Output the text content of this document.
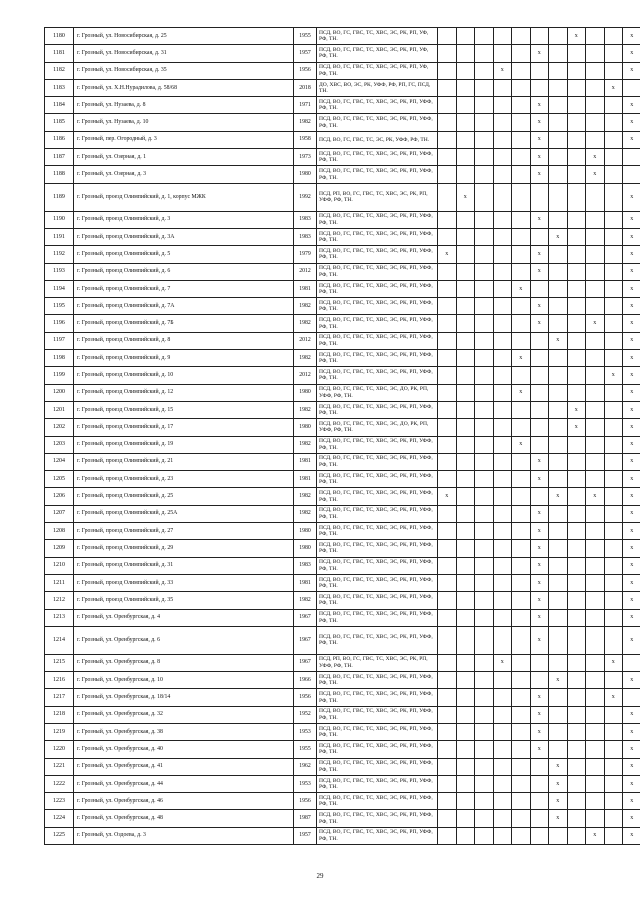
1180	г. Грозный, ул. Новосибирская, д. 25	1955	ПСД, ВО, ГС, ГВС, ТС, ХВС, ЭС, РК, РП, УФ, РФ, ТН.								x			x
1181	г. Грозный, ул. Новосибирская, д. 31	1957	ПСД, ВО, ГС, ГВС, ТС, ХВС, ЭС, РК, РП, УФ, РФ, ТН.						x					x
1182	г. Грозный, ул. Новосибирская, д. 35	1956	ПСД, ВО, ГС, ГВС, ТС, ХВС, ЭС, РК, РП, УФ, РФ, ТН.				x							x
1183	г. Грозный, ул. Х.Н.Нурадилова, д. 58/68	2018	ДО, ХВС, ВО, ЭС, РК, УФФ, РФ, РП, ГС, ПСД, ТН.										x	
1184	г. Грозный, ул. Нузаева, д. 8	1971	ПСД, ВО, ГС, ГВС, ТС, ХВС, ЭС, РК, РП, УФФ, РФ, ТН.						x					x
1185	г. Грозный, ул. Нузаева, д. 10	1982	ПСД, ВО, ГС, ГВС, ТС, ХВС, ЭС, РК, РП, УФФ, РФ, ТН.						x					x
1186	г. Грозный, пер. Огородный, д. 3	1958	ПСД, ВО, ГС, ГВС, ТС, ЭС, РК, УФФ, РФ, ТН.						x					x
1187	г. Грозный, ул. Озерная, д. 1	1973	ПСД, ВО, ГС, ГВС, ТС, ХВС, ЭС, РК, РП, УФФ, РФ, ТН.						x			x		
1188	г. Грозный, ул. Озерная, д. 3	1980	ПСД, ВО, ГС, ГВС, ТС, ХВС, ЭС, РК, РП, УФФ, РФ, ТН.						x			x		
1189	г. Грозный, проезд Олимпийский, д. 1, корпус МЖК	1992	ПСД, РП, ВО, ГС, ГВС, ТС, ХВС, ЭС, РК, РП, УФФ, РФ, ТН.		x									x
1190	г. Грозный, проезд Олимпийский, д. 3	1983	ПСД, ВО, ГС, ГВС, ТС, ХВС, ЭС, РК, РП, УФФ, РФ, ТН.						x					x
1191	г. Грозный, проезд Олимпийский, д. 3А	1983	ПСД, ВО, ГС, ГВС, ТС, ХВС, ЭС, РК, РП, УФФ, РФ, ТН.							x				x
1192	г. Грозный, проезд Олимпийский, д. 5	1979	ПСД, ВО, ГС, ГВС, ТС, ХВС, ЭС, РК, РП, УФФ, РФ, ТН.	x					x					x
1193	г. Грозный, проезд Олимпийский, д. 6	2012	ПСД, ВО, ГС, ГВС, ТС, ХВС, ЭС, РК, РП, УФФ, РФ, ТН.						x					x
1194	г. Грозный, проезд Олимпийский, д. 7	1981	ПСД, ВО, ГС, ГВС, ТС, ХВС, ЭС, РК, РП, УФФ, РФ, ТН.					x						x
1195	г. Грозный, проезд Олимпийский, д. 7А	1982	ПСД, ВО, ГС, ГВС, ТС, ХВС, ЭС, РК, РП, УФФ, РФ, ТН.						x					x
1196	г. Грозный, проезд Олимпийский, д. 7Б	1982	ПСД, ВО, ГС, ГВС, ТС, ХВС, ЭС, РК, РП, УФФ, РФ, ТН.						x			x		x
1197	г. Грозный, проезд Олимпийский, д. 8	2012	ПСД, ВО, ГС, ГВС, ТС, ХВС, ЭС, РК, РП, УФФ, РФ, ТН.							x				x
1198	г. Грозный, проезд Олимпийский, д. 9	1982	ПСД, ВО, ГС, ГВС, ТС, ХВС, ЭС, РК, РП, УФФ, РФ, ТН.					x						x
1199	г. Грозный, проезд Олимпийский, д. 10	2012	ПСД, ВО, ГС, ГВС, ТС, ХВС, ЭС, РК, РП, УФФ, РФ, ТН.										x	x
1200	г. Грозный, проезд Олимпийский, д. 12	1980	ПСД, ВО, ГС, ГВС, ТС, ХВС, ЭС, ДО, РК, РП, УФФ, РФ, ТН.					x						x
1201	г. Грозный, проезд Олимпийский, д. 15	1982	ПСД, ВО, ГС, ГВС, ТС, ХВС, ЭС, РК, РП, УФФ, РФ, ТН.								x			x
1202	г. Грозный, проезд Олимпийский, д. 17	1980	ПСД, ВО, ГС, ГВС, ТС, ХВС, ЭС, ДО, РК, РП, УФФ, РФ, ТН.								x			x
1203	г. Грозный, проезд Олимпийский, д. 19	1982	ПСД, ВО, ГС, ГВС, ТС, ХВС, ЭС, РК, РП, УФФ, РФ, ТН.					x						x
1204	г. Грозный, проезд Олимпийский, д. 21	1981	ПСД, ВО, ГС, ГВС, ТС, ХВС, ЭС, РК, РП, УФФ, РФ, ТН.						x					x
1205	г. Грозный, проезд Олимпийский, д. 23	1981	ПСД, ВО, ГС, ГВС, ТС, ХВС, ЭС, РК, РП, УФФ, РФ, ТН.						x					x
1206	г. Грозный, проезд Олимпийский, д. 25	1982	ПСД, ВО, ГС, ГВС, ТС, ХВС, ЭС, РК, РП, УФФ, РФ, ТН.	x						x		x		x
1207	г. Грозный, проезд Олимпийский, д. 25А	1982	ПСД, ВО, ГС, ГВС, ТС, ХВС, ЭС, РК, РП, УФФ, РФ, ТН.						x					x
1208	г. Грозный, проезд Олимпийский, д. 27	1980	ПСД, ВО, ГС, ГВС, ТС, ХВС, ЭС, РК, РП, УФФ, РФ, ТН.						x					x
1209	г. Грозный, проезд Олимпийский, д. 29	1980	ПСД, ВО, ГС, ГВС, ТС, ХВС, ЭС, РК, РП, УФФ, РФ, ТН.						x					x
1210	г. Грозный, проезд Олимпийский, д. 31	1983	ПСД, ВО, ГС, ГВС, ТС, ХВС, ЭС, РК, РП, УФФ, РФ, ТН.						x					x
1211	г. Грозный, проезд Олимпийский, д. 33	1981	ПСД, ВО, ГС, ГВС, ТС, ХВС, ЭС, РК, РП, УФФ, РФ, ТН.						x					x
1212	г. Грозный, проезд Олимпийский, д. 35	1982	ПСД, ВО, ГС, ГВС, ТС, ХВС, ЭС, РК, РП, УФФ, РФ, ТН.						x					x
1213	г. Грозный, ул. Оренбургская, д. 4	1967	ПСД, ВО, ГС, ГВС, ТС, ХВС, ЭС, РК, РП, УФФ, РФ, ТН.						x					x
1214	г. Грозный, ул. Оренбургская, д. 6	1967	ПСД, ВО, ГС, ГВС, ТС, ХВС, ЭС, РК, РП, УФФ, РФ, ТН.						x					x
1215	г. Грозный, ул. Оренбургская, д. 8	1967	ПСД, РП, ВО, ГС, ГВС, ТС, ХВС, ЭС, РК, РП, УФФ, РФ, ТН.				x						x	
1216	г. Грозный, ул. Оренбургская, д. 10	1966	ПСД, ВО, ГС, ГВС, ТС, ХВС, ЭС, РК, РП, УФФ, РФ, ТН.							x				x
1217	г. Грозный, ул. Оренбургская, д. 18/14	1956	ПСД, ВО, ГС, ГВС, ТС, ХВС, ЭС, РК, РП, УФФ, РФ, ТН.						x				x	
1218	г. Грозный, ул. Оренбургская, д. 32	1952	ПСД, ВО, ГС, ГВС, ТС, ХВС, ЭС, РК, РП, УФФ, РФ, ТН.						x					x
1219	г. Грозный, ул. Оренбургская, д. 38	1953	ПСД, ВО, ГС, ГВС, ТС, ХВС, ЭС, РК, РП, УФФ, РФ, ТН.						x					x
1220	г. Грозный, ул. Оренбургская, д. 40	1955	ПСД, ВО, ГС, ГВС, ТС, ХВС, ЭС, РК, РП, УФФ, РФ, ТН.						x					x
1221	г. Грозный, ул. Оренбургская, д. 41	1962	ПСД, ВО, ГС, ГВС, ТС, ХВС, ЭС, РК, РП, УФФ, РФ, ТН.							x				x
1222	г. Грозный, ул. Оренбургская, д. 44	1953	ПСД, ВО, ГС, ГВС, ТС, ХВС, ЭС, РК, РП, УФФ, РФ, ТН.							x				x
1223	г. Грозный, ул. Оренбургская, д. 46	1956	ПСД, ВО, ГС, ГВС, ТС, ХВС, ЭС, РК, РП, УФФ, РФ, ТН.							x				x
1224	г. Грозный, ул. Оренбургская, д. 48	1987	ПСД, ВО, ГС, ГВС, ТС, ХВС, ЭС, РК, РП, УФФ, РФ, ТН.							x				x
1225	г. Грозный, ул. Оздоева, д. 3	1957	ПСД, ВО, ГС, ГВС, ТС, ХВС, ЭС, РК, РП, УФФ, РФ, ТН.									x		x
29
